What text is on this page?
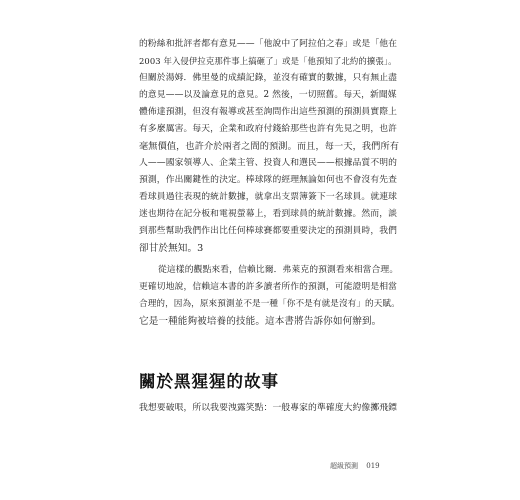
的粉絲和批評者都有意見——「他說中了阿拉伯之春」或是「他在
2003 年入侵伊拉克那件事上搞砸了」或是「他預知了北約的擴張」。
但關於湯姆．佛里曼的成績記錄，並沒有確實的數據，只有無止盡
的意見——以及論意見的意見。2 然後，一切照舊。每天，新聞媒
體佈達預測，但沒有報導或甚至詢問作出這些預測的預測員實際上
有多麼厲害。每天，企業和政府付錢給那些也許有先見之明，也許
毫無價值，也許介於兩者之間的預測。而且，每一天，我們所有
人——國家領導人、企業主管、投資人和選民——根據品質不明的
預測，作出關鍵性的決定。棒球隊的經理無論如何也不會沒有先查
看球員過往表現的統計數據，就拿出支票簿簽下一名球員。就連球
迷也期待在記分板和電視螢幕上，看到球員的統計數據。然而，談
到那些幫助我們作出比任何棒球賽都要重要決定的預測員時，我們
卻甘於無知。3
從這樣的觀點來看，信賴比爾．弗萊克的預測看來相當合理。
更確切地說，信賴這本書的許多讀者所作的預測，可能證明是相當
合理的，因為，原來預測並不是一種「你不是有就是沒有」的天賦。
它是一種能夠被培養的技能。這本書將告訴你如何辦到。
關於黑猩猩的故事
我想要破哏，所以我要洩露笑點：一般專家的準確度大約像擲飛鏢
超級預測 019
